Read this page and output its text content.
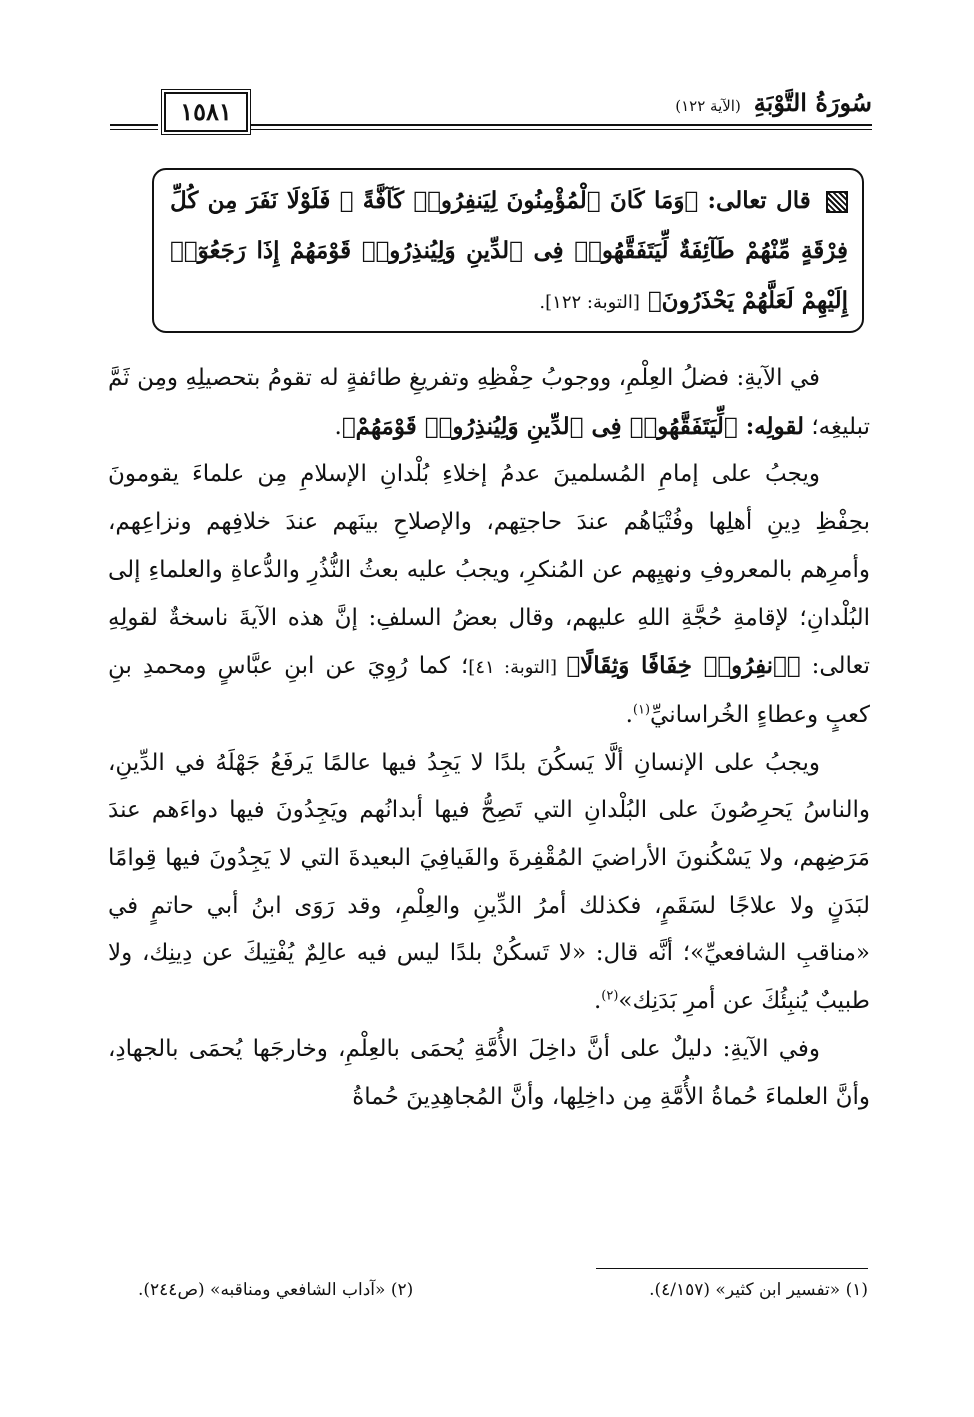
سُورَةُ التَّوْبَةِ (الآية ١٢٢)
١٥٨١
قال تعالى: ﴿وَمَا كَانَ ٱلْمُؤْمِنُونَ لِيَنفِرُوا۟ كَآفَّةً ۚ فَلَوْلَا نَفَرَ مِن كُلِّ فِرْقَةٍ مِّنْهُمْ طَآئِفَةٌ لِّيَتَفَقَّهُوا۟ فِى ٱلدِّينِ وَلِيُنذِرُوا۟ قَوْمَهُمْ إِذَا رَجَعُوٓا۟ إِلَيْهِمْ لَعَلَّهُمْ يَحْذَرُونَ﴾ [التوبة: ١٢٢].

في الآيةِ: فضلُ العِلْمِ، ووجوبُ حِفْظِهِ وتفريغِ طائفةٍ له تقومُ بتحصيلِهِ ومِن ثَمَّ تبليغِه؛ لقولِه: ﴿لِّيَتَفَقَّهُوا۟ فِى ٱلدِّينِ وَلِيُنذِرُوا۟ قَوْمَهُمْ﴾.

ويجبُ على إمامِ المُسلمينَ عدمُ إخلاءِ بُلْدانِ الإسلامِ مِن علماءَ يقومونَ بحِفْظِ دِينِ أهلِها وفُتْيَاهُم عندَ حاجتِهم، والإصلاحِ بينَهم عندَ خلافِهم ونزاعِهم، وأمرِهم بالمعروفِ ونهيِهم عن المُنكرِ، ويجبُ عليه بعثُ النُّذُرِ والدُّعاةِ والعلماءِ إلى البُلْدانِ؛ لإقامةِ حُجَّةِ اللهِ عليهم، وقال بعضُ السلفِ: إنَّ هذه الآيةَ ناسخةٌ لقولِهِ تعالى: ﴿ٱنفِرُوا۟ خِفَافًا وَثِقَالًا﴾ [التوبة: ٤١]؛ كما رُوِيَ عن ابنِ عبَّاسٍ ومحمدِ بنِ كعبٍ وعطاءٍ الخُراسانيِّ$^{(١)}$.

ويجبُ على الإنسانِ ألَّا يَسكُنَ بلدًا لا يَجِدُ فيها عالمًا يَرفَعُ جَهْلَهُ في الدِّينِ، والناسُ يَحرِصُونَ على البُلْدانِ التي تَصِحُّ فيها أبدانُهم ويَجِدُونَ فيها دواءَهم عندَ مَرَضِهم، ولا يَسْكُنونَ الأراضيَ المُقْفِرةَ والفَيافِيَ البعيدةَ التي لا يَجِدُونَ فيها قِوامًا لبَدَنٍ ولا علاجًا لسَقَمٍ، فكذلك أمرُ الدِّينِ والعِلْمِ، وقد رَوَى ابنُ أبي حاتمٍ في «مناقبِ الشافعيِّ»؛ أنَّه قال: «لا تَسكُنْ بلدًا ليس فيه عالِمٌ يُفْتِيكَ عن دِينِك، ولا طبيبٌ يُنبِئُكَ عن أمرِ بَدَنِك»$^{(٢)}$.

وفي الآيةِ: دليلٌ على أنَّ داخِلَ الأُمَّةِ يُحمَى بالعِلْمِ، وخارجَها يُحمَى بالجهادِ، وأنَّ العلماءَ حُماةُ الأُمَّةِ مِن داخِلِها، وأنَّ المُجاهِدِينَ حُماةُ

(١) «تفسير ابن كثير» (٤/١٥٧).
(٢) «آداب الشافعي ومناقبه» (ص٢٤٤).
